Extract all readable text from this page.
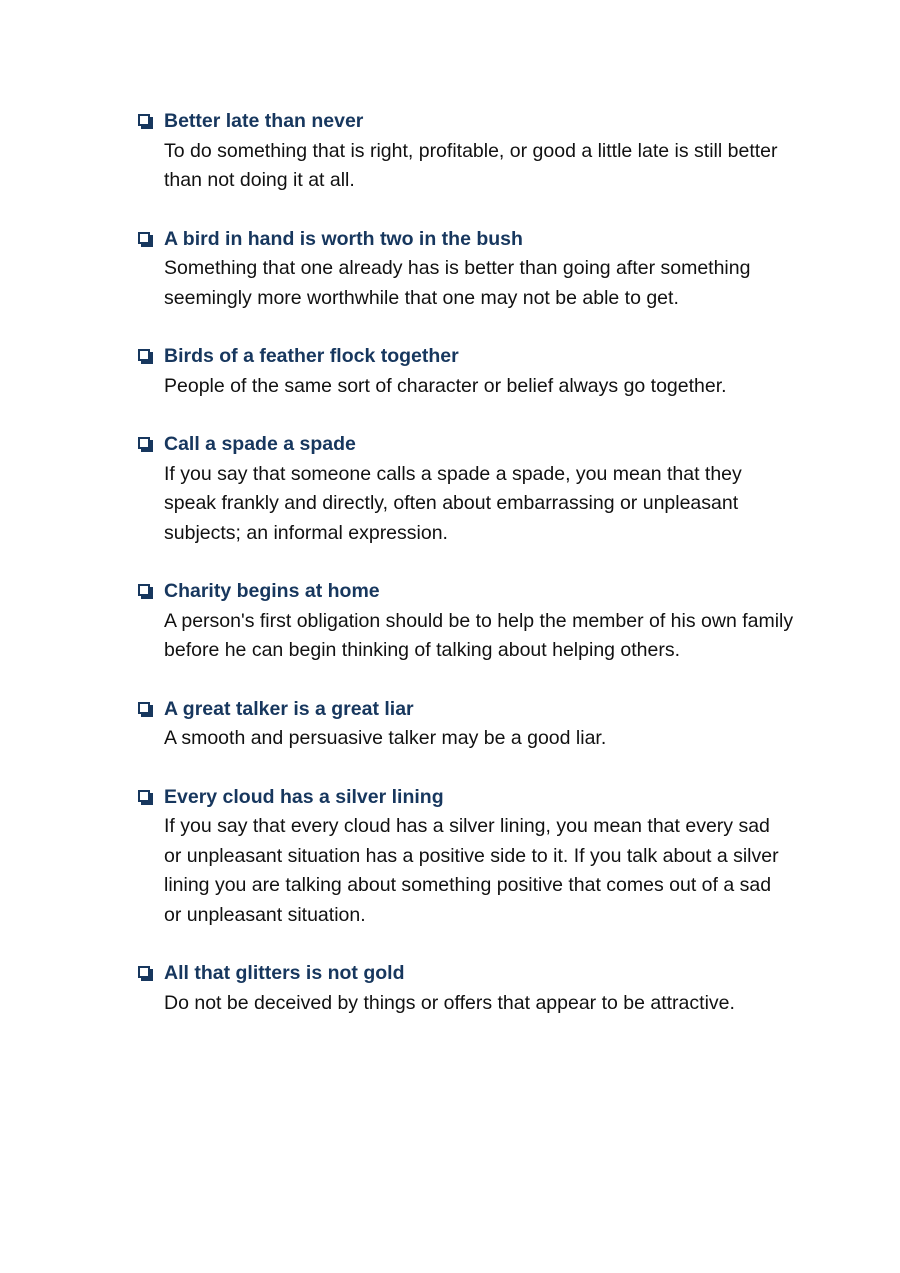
Better late than never

To do something that is right, profitable, or good a little late is still better than not doing it at all.

A bird in hand is worth two in the bush

Something that one already has is better than going after something seemingly more worthwhile that one may not be able to get.

Birds of a feather flock together

People of the same sort of character or belief always go together.

Call a spade a spade

If you say that someone calls a spade a spade, you mean that they speak frankly and directly, often about embarrassing or unpleasant subjects; an informal expression.

Charity begins at home

A person's first obligation should be to help the member of his own family before he can begin thinking of talking about helping others.

A great talker is a great liar

A smooth and persuasive talker may be a good liar.

Every cloud has a silver lining

If you say that every cloud has a silver lining, you mean that every sad or unpleasant situation has a positive side to it. If you talk about a silver lining you are talking about something positive that comes out of a sad or unpleasant situation.

All that glitters is not gold

Do not be deceived by things or offers that appear to be attractive.
